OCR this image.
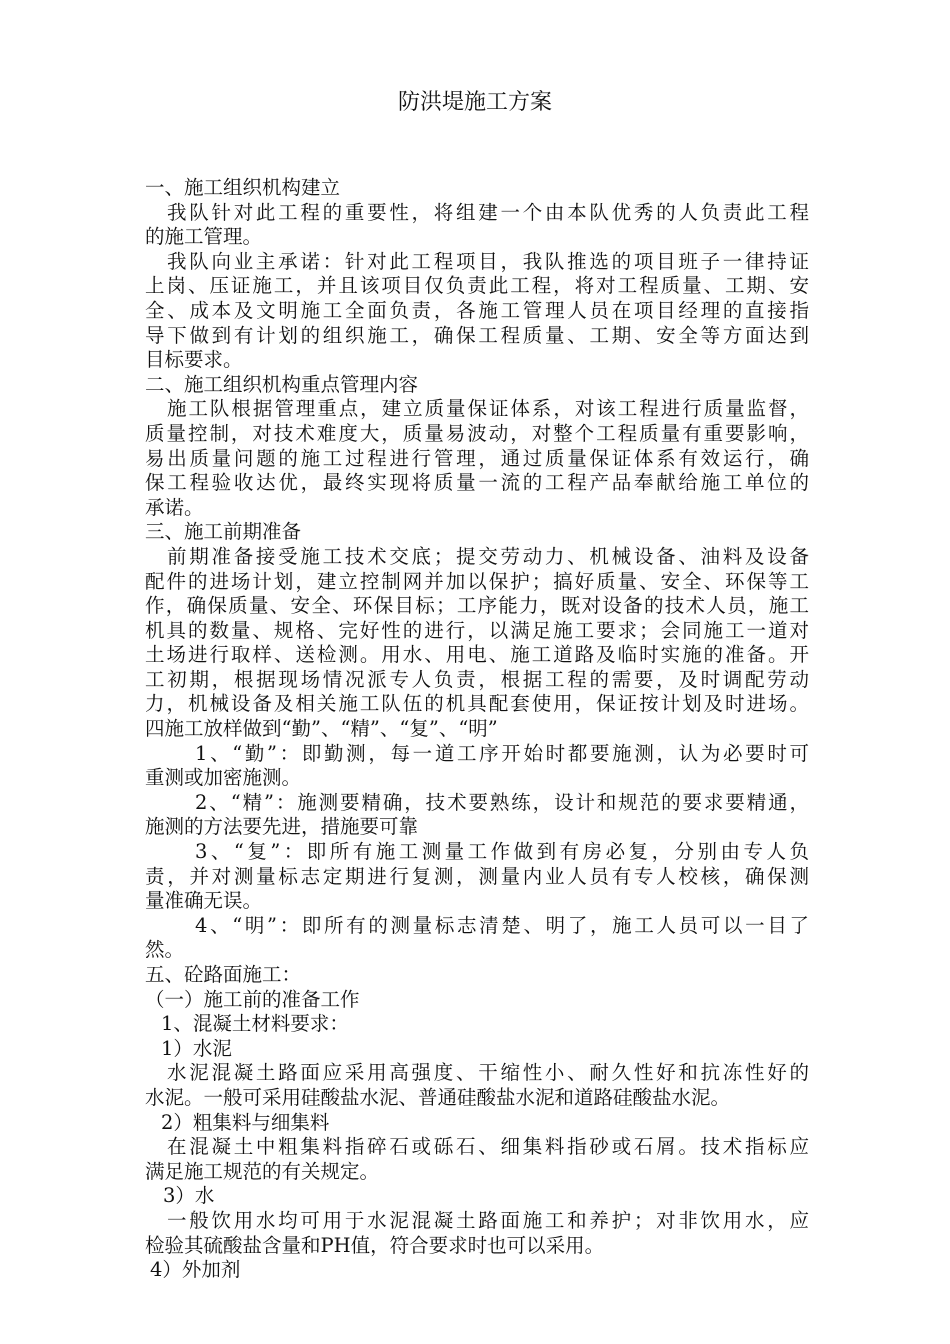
防洪堤施工方案
一、施工组织机构建立
我队针对此工程的重要性，将组建一个由本队优秀的人负责此工程
的施工管理。
我队向业主承诺：针对此工程项目，我队推选的项目班子一律持证
上岗、压证施工，并且该项目仅负责此工程，将对工程质量、工期、安
全、成本及文明施工全面负责，各施工管理人员在项目经理的直接指
导下做到有计划的组织施工，确保工程质量、工期、安全等方面达到
目标要求。
二、施工组织机构重点管理内容
施工队根据管理重点，建立质量保证体系，对该工程进行质量监督，
质量控制，对技术难度大，质量易波动，对整个工程质量有重要影响，
易出质量问题的施工过程进行管理，通过质量保证体系有效运行，确
保工程验收达优，最终实现将质量一流的工程产品奉献给施工单位的
承诺。
三、施工前期准备
前期准备接受施工技术交底；提交劳动力、机械设备、油料及设备
配件的进场计划，建立控制网并加以保护；搞好质量、安全、环保等工
作，确保质量、安全、环保目标；工序能力，既对设备的技术人员，施工
机具的数量、规格、完好性的进行，以满足施工要求；会同施工一道对
土场进行取样、送检测。用水、用电、施工道路及临时实施的准备。开
工初期，根据现场情况派专人负责，根据工程的需要，及时调配劳动
力，机械设备及相关施工队伍的机具配套使用，保证按计划及时进场。
四施工放样做到“勤”、“精”、“复”、“明”
1、“勤”：即勤测，每一道工序开始时都要施测，认为必要时可
重测或加密施测。
2、“精”：施测要精确，技术要熟练，设计和规范的要求要精通，
施测的方法要先进，措施要可靠
3、“复”：即所有施工测量工作做到有房必复，分别由专人负
责，并对测量标志定期进行复测，测量内业人员有专人校核，确保测
量准确无误。
4、“明”：即所有的测量标志清楚、明了，施工人员可以一目了
然。
五、砼路面施工：
（一）施工前的准备工作
1、混凝土材料要求：
1）水泥
水泥混凝土路面应采用高强度、干缩性小、耐久性好和抗冻性好的
水泥。一般可采用硅酸盐水泥、普通硅酸盐水泥和道路硅酸盐水泥。
2）粗集料与细集料
在混凝土中粗集料指碎石或砾石、细集料指砂或石屑。技术指标应
满足施工规范的有关规定。
3）水
一般饮用水均可用于水泥混凝土路面施工和养护；对非饮用水，应
检验其硫酸盐含量和PH值，符合要求时也可以采用。
4）外加剂
